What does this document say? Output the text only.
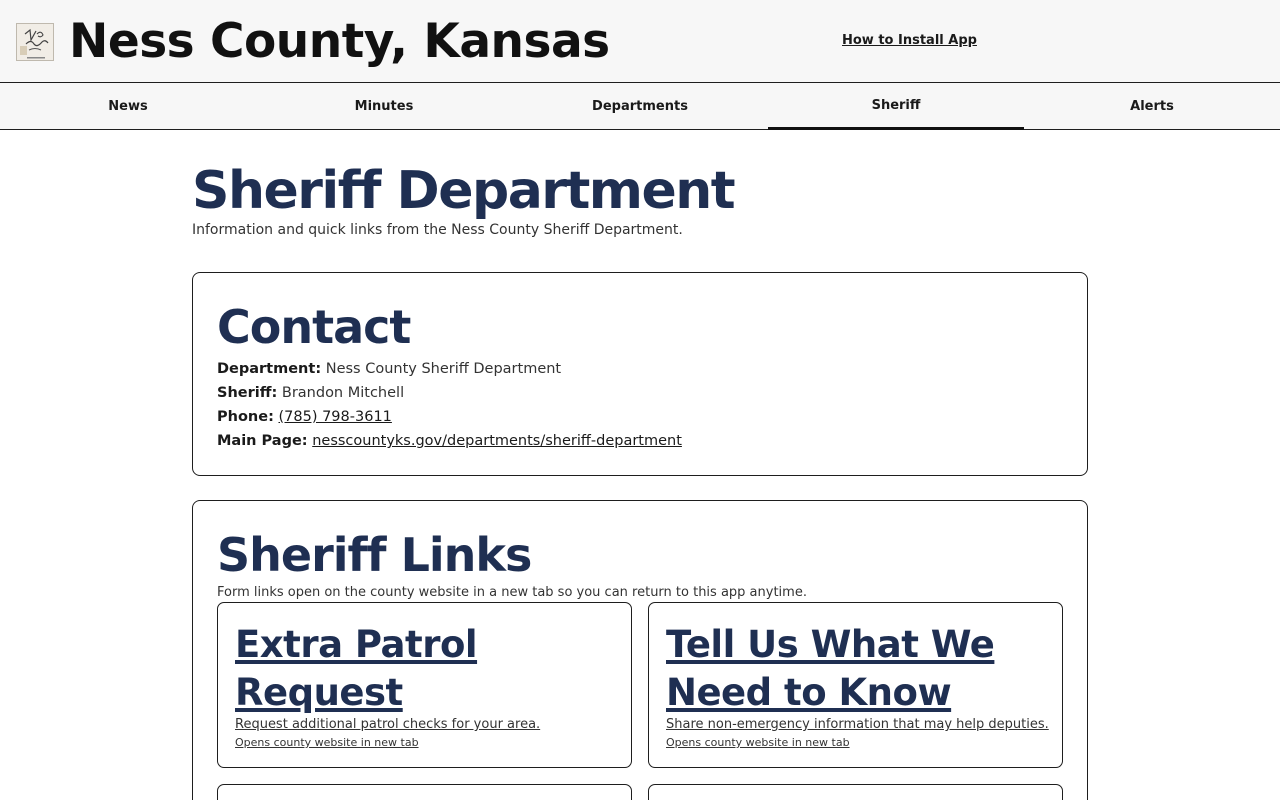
Ness County, Kansas	How to Install App
News	Minutes	Departments	Sheriff	Alerts
Sheriff Department

Information and quick links from the Ness County Sheriff Department.

Contact
Department: Ness County Sheriff Department
Sheriff: Brandon Mitchell
Phone: (785) 798-3611
Main Page: nesscountyks.gov/departments/sheriff-department
Sheriff Links

Form links open on the county website in a new tab so you can return to this app anytime.

Extra Patrol Request
Request additional patrol checks for your area.
Opens county website in new tab
Tell Us What We Need to Know
Share non-emergency information that may help deputies.
Opens county website in new tab
